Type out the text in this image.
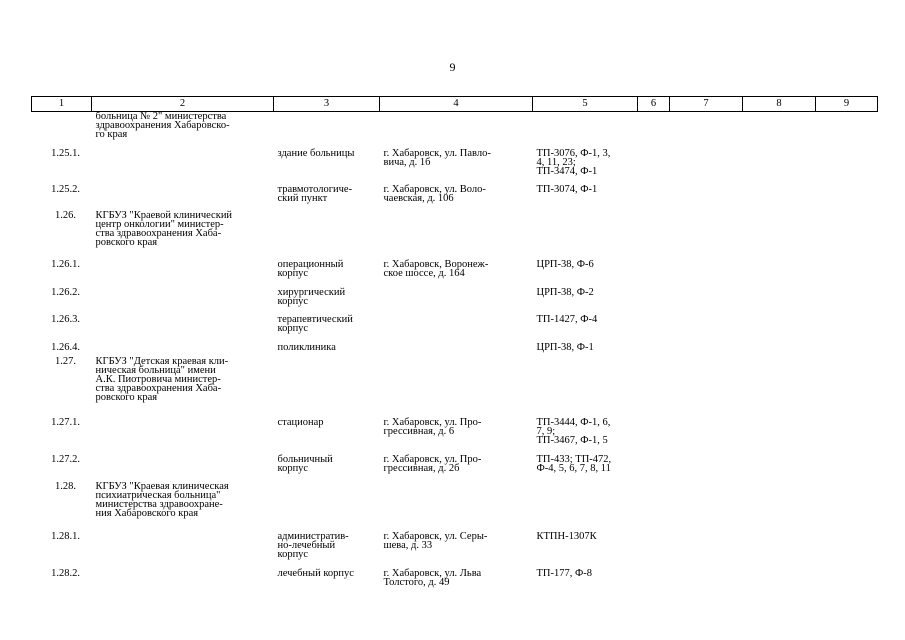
9
1	2	3	4	5	6	7	8	9
	больница № 2" министерства
здравоохранения Хабаровско-
го края							
1.25.1.		здание больницы	г. Хабаровск, ул. Павло-
вича, д. 1б	ТП-3076, Ф-1, 3,
4, 11, 23;
ТП-3474, Ф-1				
1.25.2.		травмотологиче-
ский пункт	г. Хабаровск, ул. Воло-
чаевская, д. 106	ТП-3074, Ф-1				
1.26.	КГБУЗ "Краевой клинический
центр онкологии" министер-
ства здравоохранения Хаба-
ровского края							
1.26.1.		операционный
корпус	г. Хабаровск, Воронеж-
ское шоссе, д. 164	ЦРП-38, Ф-6				
1.26.2.		хирургический
корпус		ЦРП-38, Ф-2				
1.26.3.		терапевтический
корпус		ТП-1427, Ф-4				
1.26.4.		поликлиника		ЦРП-38, Ф-1				
1.27.	КГБУЗ "Детская краевая кли-
ническая больница" имени
А.К. Пиотровича министер-
ства здравоохранения Хаба-
ровского края							
1.27.1.		стационар	г. Хабаровск, ул. Про-
грессивная, д. 6	ТП-3444, Ф-1, 6,
7, 9;
ТП-3467, Ф-1, 5				
1.27.2.		больничный
корпус	г. Хабаровск, ул. Про-
грессивная, д. 2б	ТП-433; ТП-472,
Ф-4, 5, 6, 7, 8, 11				
1.28.	КГБУЗ "Краевая клиническая
психиатрическая больница"
министерства здравоохране-
ния Хабаровского края							
1.28.1.		административ-
но-лечебный
корпус	г. Хабаровск, ул. Серы-
шева, д. 33	КТПН-1307К				
1.28.2.		лечебный корпус	г. Хабаровск, ул. Льва
Толстого, д. 49	ТП-177, Ф-8				
